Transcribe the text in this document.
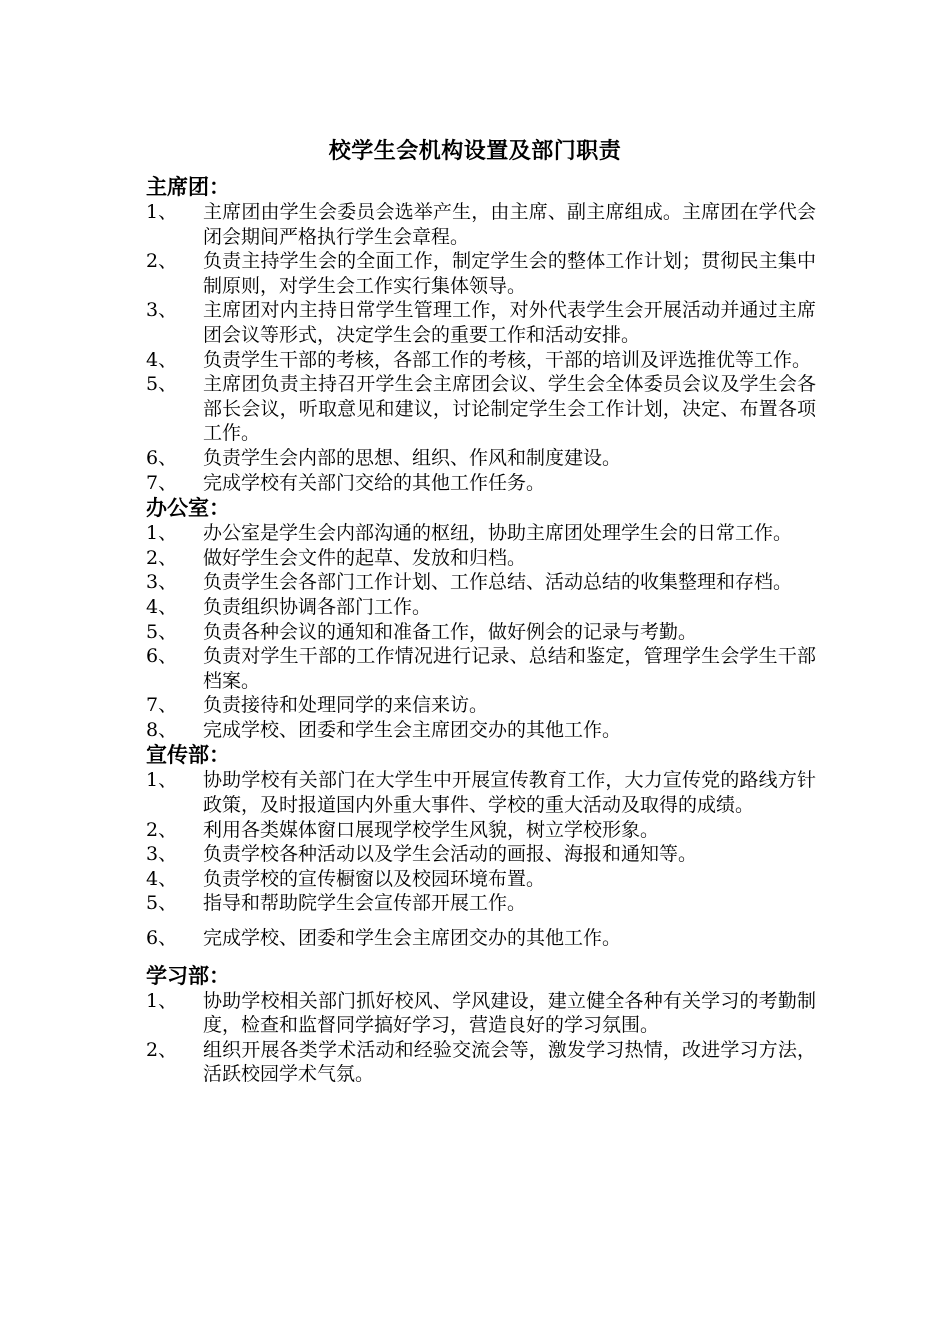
校学生会机构设置及部门职责
主席团：
1、	主席团由学生会委员会选举产生，由主席、副主席组成。主席团在学代会闭会期间严格执行学生会章程。
2、	负责主持学生会的全面工作，制定学生会的整体工作计划；贯彻民主集中制原则，对学生会工作实行集体领导。
3、	主席团对内主持日常学生管理工作，对外代表学生会开展活动并通过主席团会议等形式，决定学生会的重要工作和活动安排。
4、	负责学生干部的考核，各部工作的考核，干部的培训及评选推优等工作。
5、	主席团负责主持召开学生会主席团会议、学生会全体委员会议及学生会各部长会议，听取意见和建议，讨论制定学生会工作计划，决定、布置各项工作。
6、	负责学生会内部的思想、组织、作风和制度建设。
7、	完成学校有关部门交给的其他工作任务。
办公室：
1、	办公室是学生会内部沟通的枢纽，协助主席团处理学生会的日常工作。
2、	做好学生会文件的起草、发放和归档。
3、	负责学生会各部门工作计划、工作总结、活动总结的收集整理和存档。
4、	负责组织协调各部门工作。
5、	负责各种会议的通知和准备工作，做好例会的记录与考勤。
6、	负责对学生干部的工作情况进行记录、总结和鉴定，管理学生会学生干部档案。
7、	负责接待和处理同学的来信来访。
8、	完成学校、团委和学生会主席团交办的其他工作。
宣传部：
1、	协助学校有关部门在大学生中开展宣传教育工作，大力宣传党的路线方针政策，及时报道国内外重大事件、学校的重大活动及取得的成绩。
2、	利用各类媒体窗口展现学校学生风貌，树立学校形象。
3、	负责学校各种活动以及学生会活动的画报、海报和通知等。
4、	负责学校的宣传橱窗以及校园环境布置。
5、	指导和帮助院学生会宣传部开展工作。
6、	完成学校、团委和学生会主席团交办的其他工作。
学习部：
1、	协助学校相关部门抓好校风、学风建设，建立健全各种有关学习的考勤制度，检查和监督同学搞好学习，营造良好的学习氛围。
2、	组织开展各类学术活动和经验交流会等，激发学习热情，改进学习方法，活跃校园学术气氛。
